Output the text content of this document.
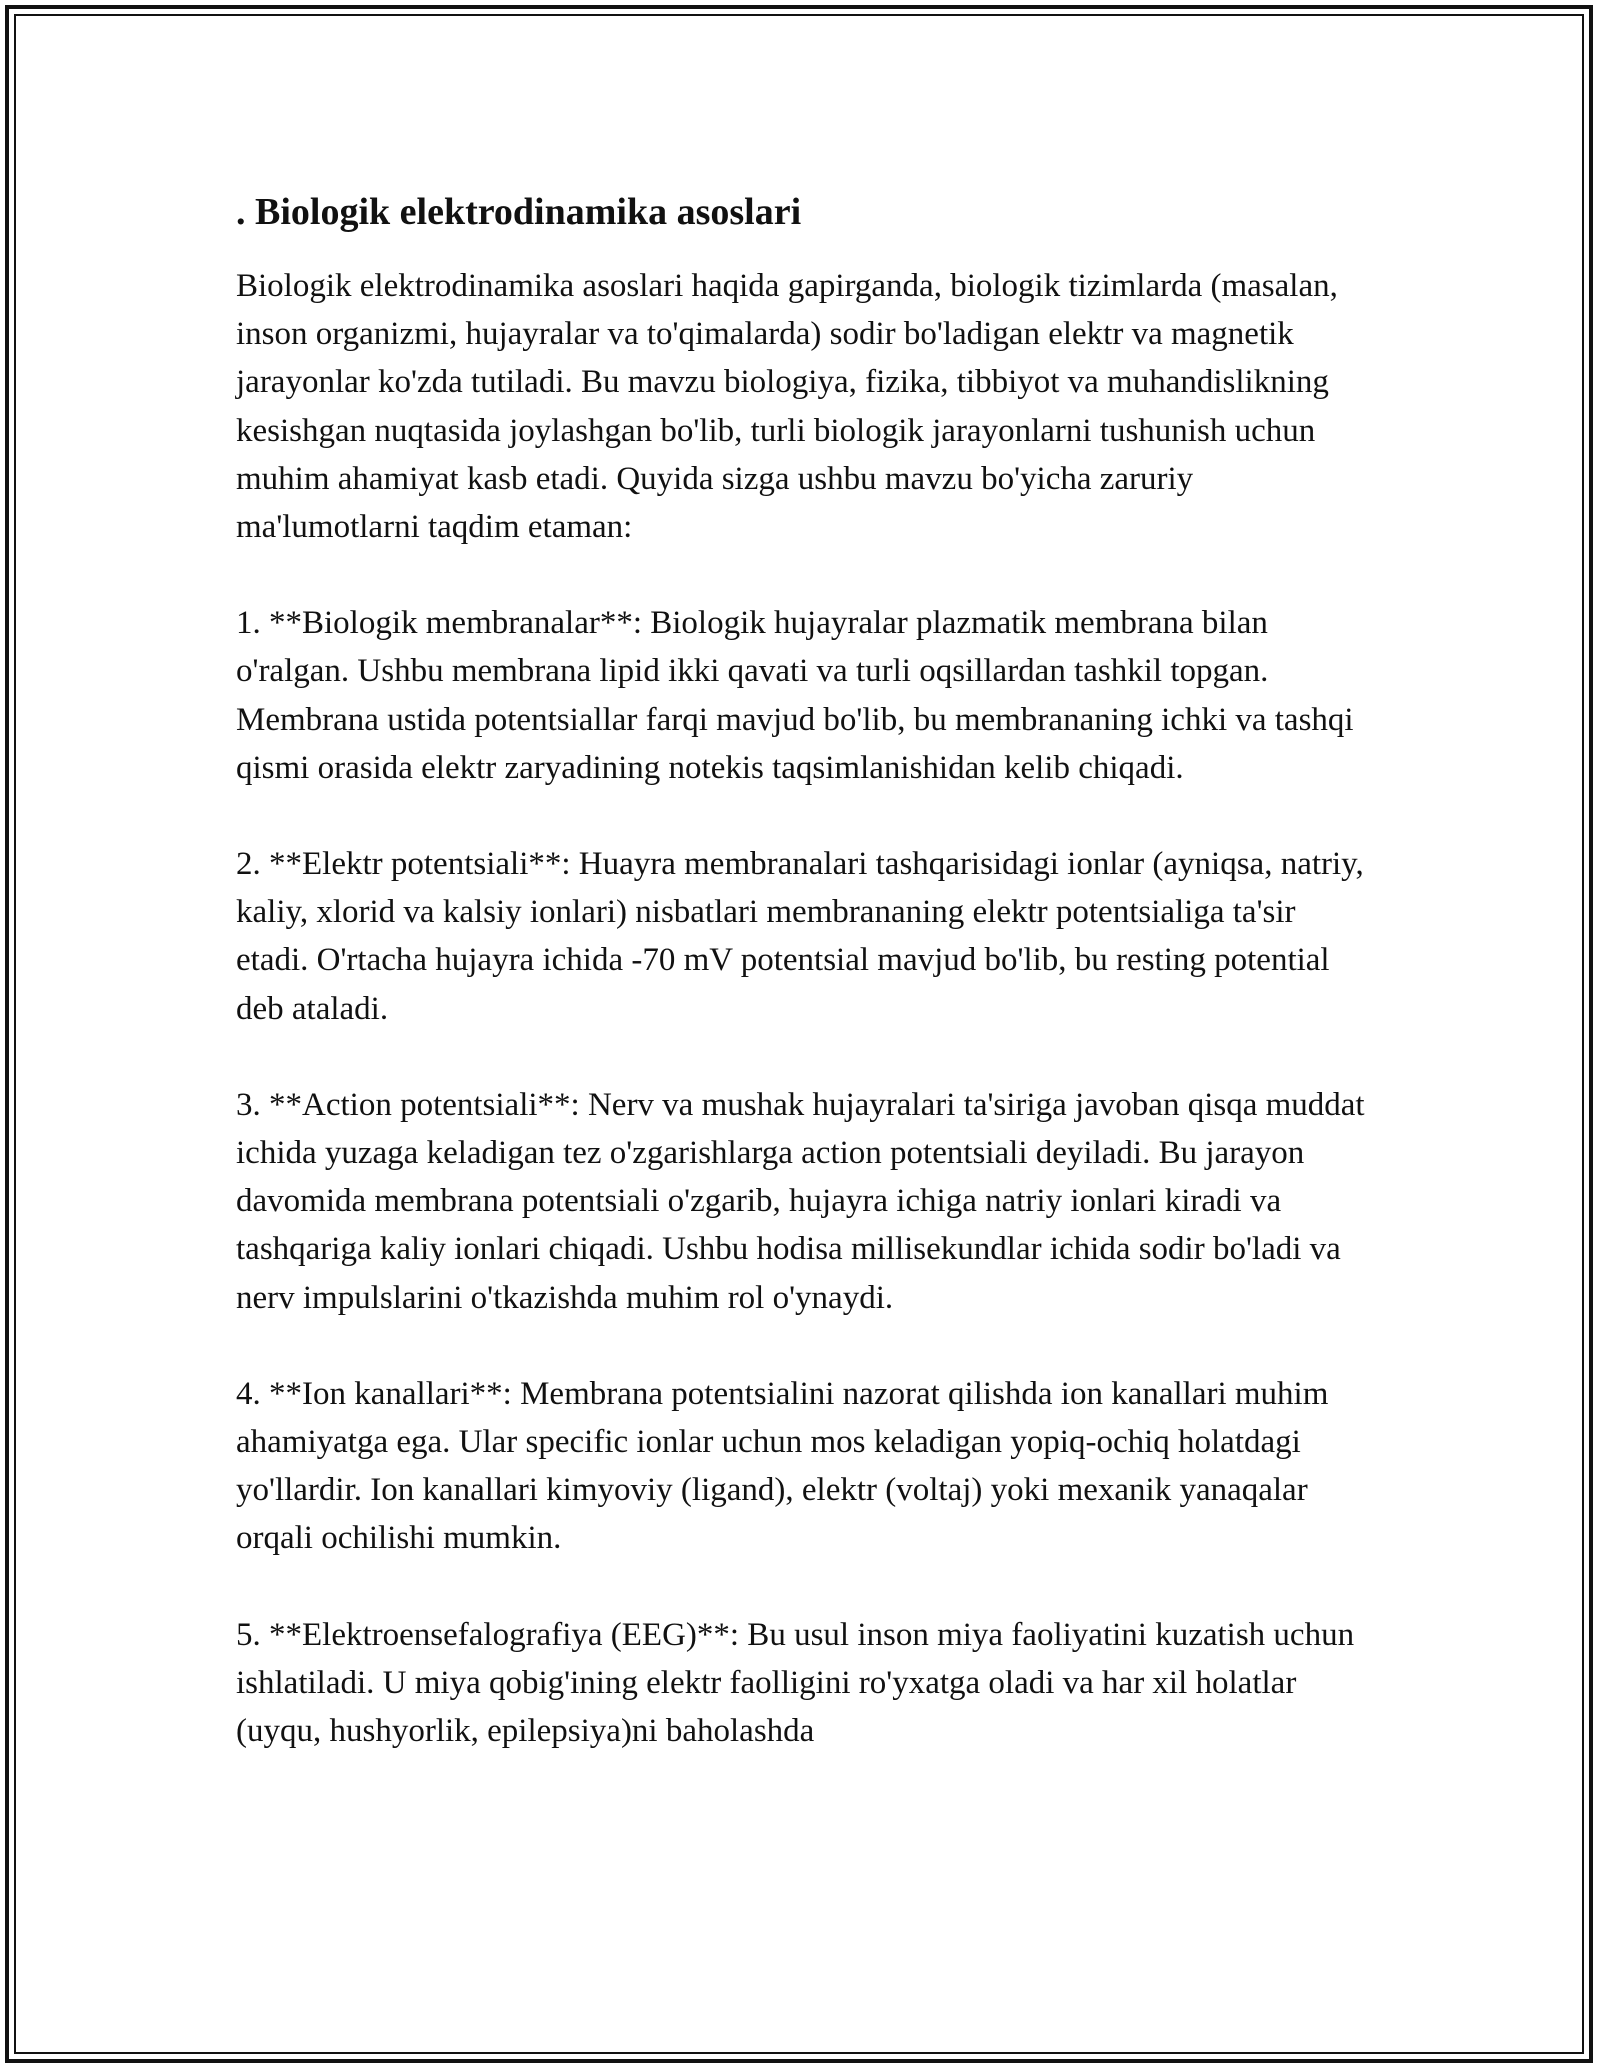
. Biologik elektrodinamika asoslari

Biologik elektrodinamika asoslari haqida gapirganda, biologik tizimlarda (masalan, inson organizmi, hujayralar va to'qimalarda) sodir bo'ladigan elektr va magnetik jarayonlar ko'zda tutiladi. Bu mavzu biologiya, fizika, tibbiyot va muhandislikning kesishgan nuqtasida joylashgan bo'lib, turli biologik jarayonlarni tushunish uchun muhim ahamiyat kasb etadi. Quyida sizga ushbu mavzu bo'yicha zaruriy ma'lumotlarni taqdim etaman:

1. **Biologik membranalar**: Biologik hujayralar plazmatik membrana bilan o'ralgan. Ushbu membrana lipid ikki qavati va turli oqsillardan tashkil topgan. Membrana ustida potentsiallar farqi mavjud bo'lib, bu membrananing ichki va tashqi qismi orasida elektr zaryadining notekis taqsimlanishidan kelib chiqadi.

2. **Elektr potentsiali**: Huayra membranalari tashqarisidagi ionlar (ayniqsa, natriy, kaliy, xlorid va kalsiy ionlari) nisbatlari membrananing elektr potentsialiga ta'sir etadi. O'rtacha hujayra ichida -70 mV potentsial mavjud bo'lib, bu resting potential deb ataladi.

3. **Action potentsiali**: Nerv va mushak hujayralari ta'siriga javoban qisqa muddat ichida yuzaga keladigan tez o'zgarishlarga action potentsiali deyiladi. Bu jarayon davomida membrana potentsiali o'zgarib, hujayra ichiga natriy ionlari kiradi va tashqariga kaliy ionlari chiqadi. Ushbu hodisa millisekundlar ichida sodir bo'ladi va nerv impulslarini o'tkazishda muhim rol o'ynaydi.

4. **Ion kanallari**: Membrana potentsialini nazorat qilishda ion kanallari muhim ahamiyatga ega. Ular specific ionlar uchun mos keladigan yopiq-ochiq holatdagi yo'llardir. Ion kanallari kimyoviy (ligand), elektr (voltaj) yoki mexanik yanaqalar orqali ochilishi mumkin.

5. **Elektroensefalografiya (EEG)**: Bu usul inson miya faoliyatini kuzatish uchun ishlatiladi. U miya qobig'ining elektr faolligini ro'yxatga oladi va har xil holatlar (uyqu, hushyorlik, epilepsiya)ni baholashda
